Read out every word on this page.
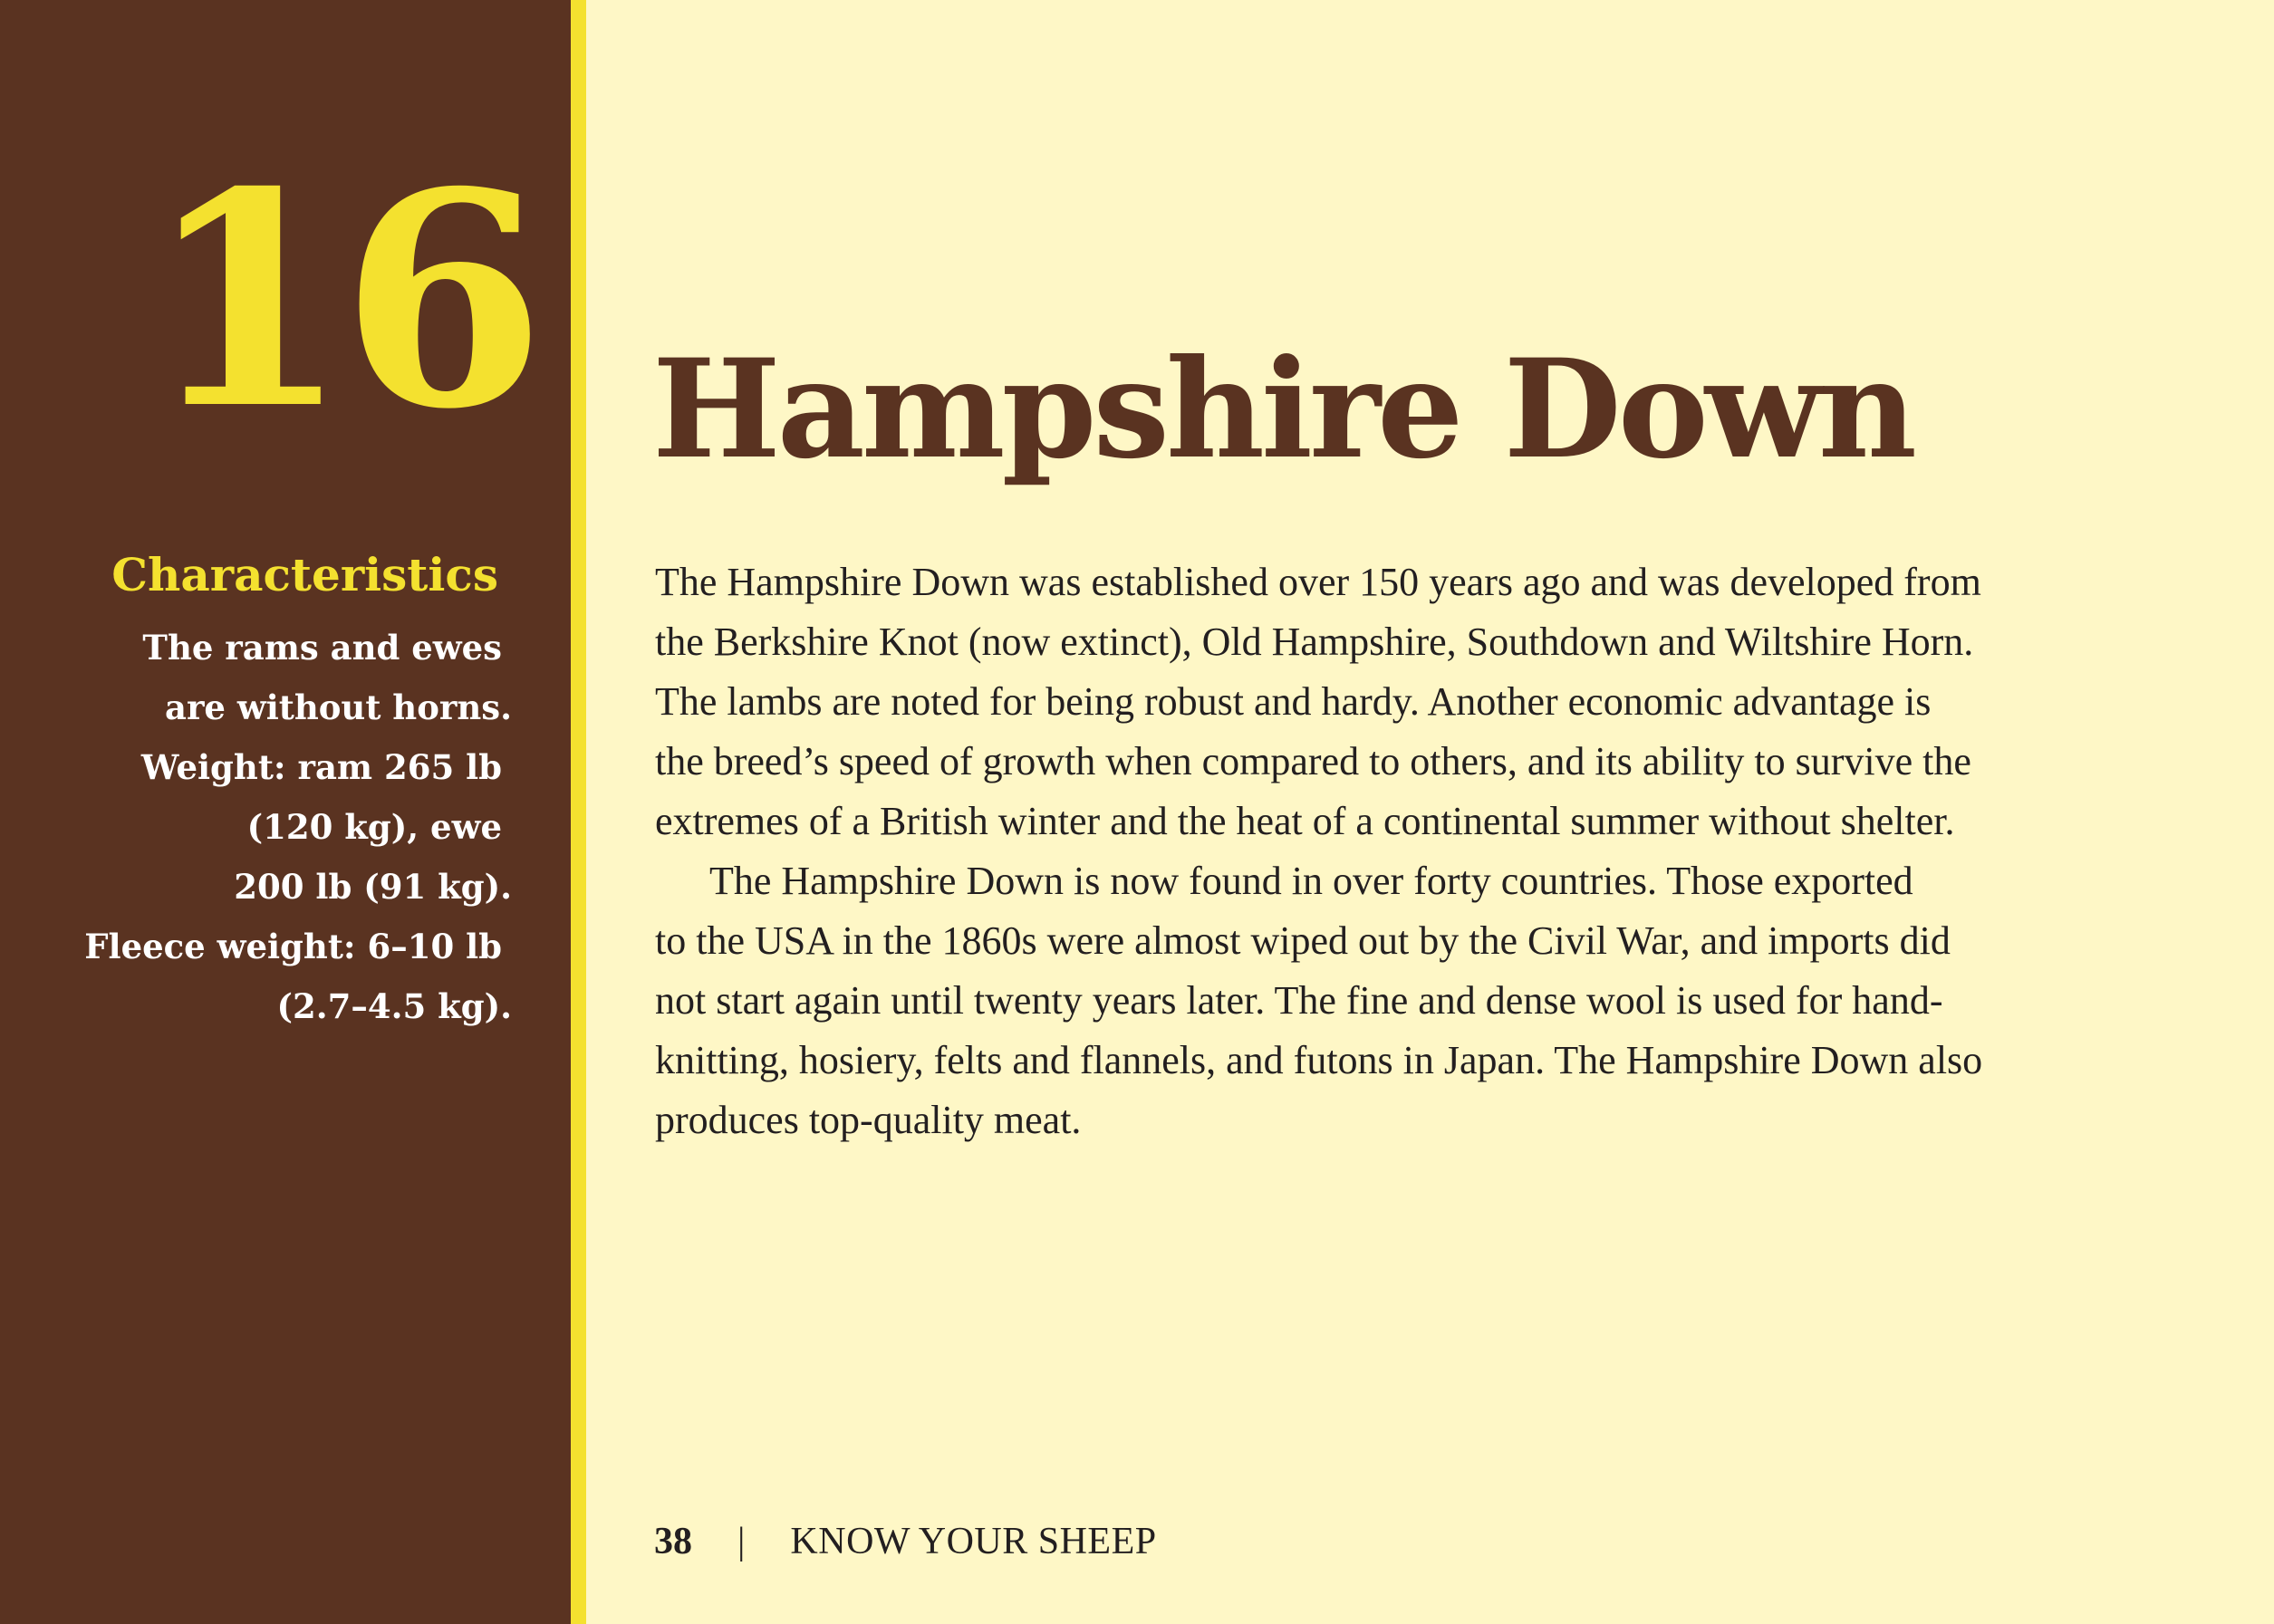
16
Characteristics
The rams and ewes
are without horns.
Weight: ram 265 lb
(120 kg), ewe
200 lb (91 kg).
Fleece weight: 6–10 lb
(2.7–4.5 kg).
Hampshire Down

The Hampshire Down was established over 150 years ago and was developed from
the Berkshire Knot (now extinct), Old Hampshire, Southdown and Wiltshire Horn.
The lambs are noted for being robust and hardy. Another economic advantage is
the breed’s speed of growth when compared to others, and its ability to survive the
extremes of a British winter and the heat of a continental summer without shelter.

The Hampshire Down is now found in over forty countries. Those exported
to the USA in the 1860s were almost wiped out by the Civil War, and imports did
not start again until twenty years later. The fine and dense wool is used for hand-
knitting, hosiery, felts and flannels, and futons in Japan. The Hampshire Down also
produces top-quality meat.

38 | KNOW YOUR SHEEP
